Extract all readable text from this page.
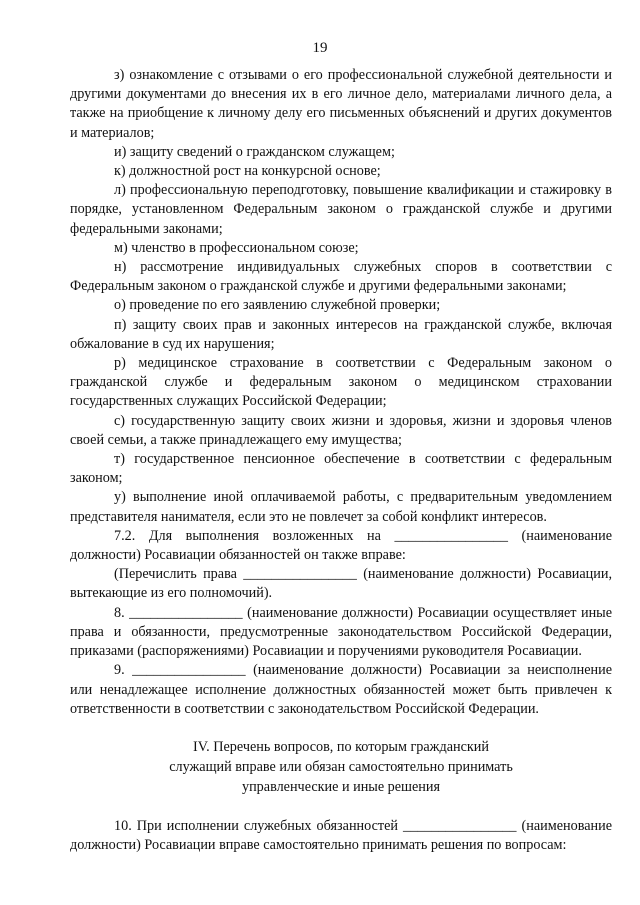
19

з) ознакомление с отзывами о его профессиональной служебной деятельности и другими документами до внесения их в его личное дело, материалами личного дела, а также на приобщение к личному делу его письменных объяснений и других документов и материалов;

и) защиту сведений о гражданском служащем;

к) должностной рост на конкурсной основе;

л) профессиональную переподготовку, повышение квалификации и стажировку в порядке, установленном Федеральным законом о гражданской службе и другими федеральными законами;

м) членство в профессиональном союзе;

н) рассмотрение индивидуальных служебных споров в соответствии с Федеральным законом о гражданской службе и другими федеральными законами;

о) проведение по его заявлению служебной проверки;

п) защиту своих прав и законных интересов на гражданской службе, включая обжалование в суд их нарушения;

р) медицинское страхование в соответствии с Федеральным законом о гражданской службе и федеральным законом о медицинском страховании государственных служащих Российской Федерации;

с) государственную защиту своих жизни и здоровья, жизни и здоровья членов своей семьи, а также принадлежащего ему имущества;

т) государственное пенсионное обеспечение в соответствии с федеральным законом;

у) выполнение иной оплачиваемой работы, с предварительным уведомлением представителя нанимателя, если это не повлечет за собой конфликт интересов.

7.2. Для выполнения возложенных на ________________ (наименование должности) Росавиации обязанностей он также вправе:

(Перечислить права ________________ (наименование должности) Росавиации, вытекающие из его полномочий).

8. ________________ (наименование должности) Росавиации осуществляет иные права и обязанности, предусмотренные законодательством Российской Федерации, приказами (распоряжениями) Росавиации и поручениями руководителя Росавиации.

9. ________________ (наименование должности) Росавиации за неисполнение или ненадлежащее исполнение должностных обязанностей может быть привлечен к ответственности в соответствии с законодательством Российской Федерации.

IV. Перечень вопросов, по которым гражданский
служащий вправе или обязан самостоятельно принимать
управленческие и иные решения

10. При исполнении служебных обязанностей ________________ (наименование должности) Росавиации вправе самостоятельно принимать решения по вопросам:
